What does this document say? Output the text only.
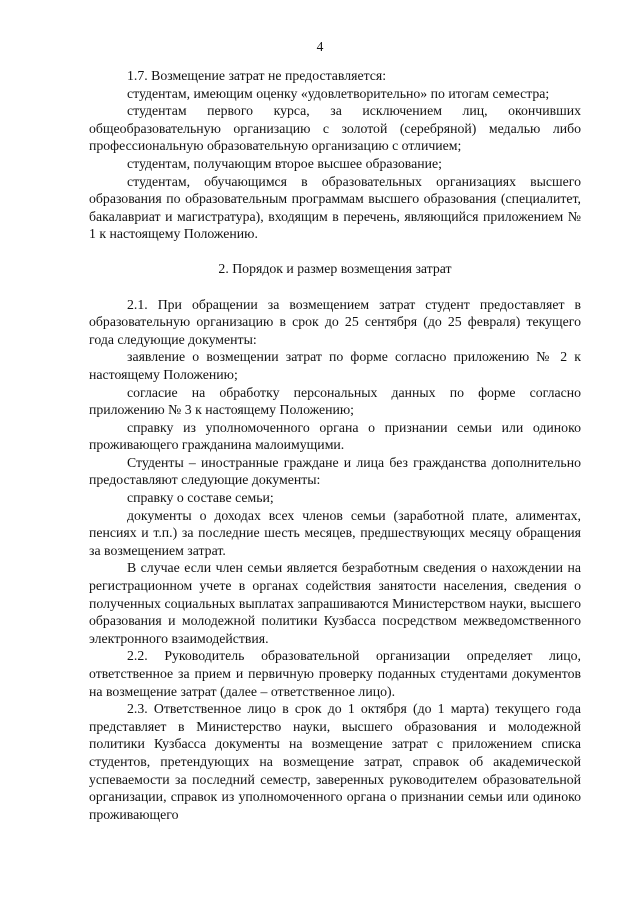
4

1.7. Возмещение затрат не предоставляется:

студентам, имеющим оценку «удовлетворительно» по итогам семестра;

студентам первого курса, за исключением лиц, окончивших общеобразовательную организацию с золотой (серебряной) медалью либо профессиональную образовательную организацию с отличием;

студентам, получающим второе высшее образование;

студентам, обучающимся в образовательных организациях высшего образования по образовательным программам высшего образования (специалитет, бакалавриат и магистратура), входящим в перечень, являющийся приложением № 1 к настоящему Положению.

2. Порядок и размер возмещения затрат

2.1. При обращении за возмещением затрат студент предоставляет в образовательную организацию в срок до 25 сентября (до 25 февраля) текущего года следующие документы:

заявление о возмещении затрат по форме согласно приложению № 2 к настоящему Положению;

согласие на обработку персональных данных по форме согласно приложению № 3 к настоящему Положению;

справку из уполномоченного органа о признании семьи или одиноко проживающего гражданина малоимущими.

Студенты – иностранные граждане и лица без гражданства дополнительно предоставляют следующие документы:

справку о составе семьи;

документы о доходах всех членов семьи (заработной плате, алиментах, пенсиях и т.п.) за последние шесть месяцев, предшествующих месяцу обращения за возмещением затрат.

В случае если член семьи является безработным сведения о нахождении на регистрационном учете в органах содействия занятости населения, сведения о полученных социальных выплатах запрашиваются Министерством науки, высшего образования и молодежной политики Кузбасса посредством межведомственного электронного взаимодействия.

2.2. Руководитель образовательной организации определяет лицо, ответственное за прием и первичную проверку поданных студентами документов на возмещение затрат (далее – ответственное лицо).

2.3. Ответственное лицо в срок до 1 октября (до 1 марта) текущего года представляет в Министерство науки, высшего образования и молодежной политики Кузбасса документы на возмещение затрат с приложением списка студентов, претендующих на возмещение затрат, справок об академической успеваемости за последний семестр, заверенных руководителем образовательной организации, справок из уполномоченного органа о признании семьи или одиноко проживающего
